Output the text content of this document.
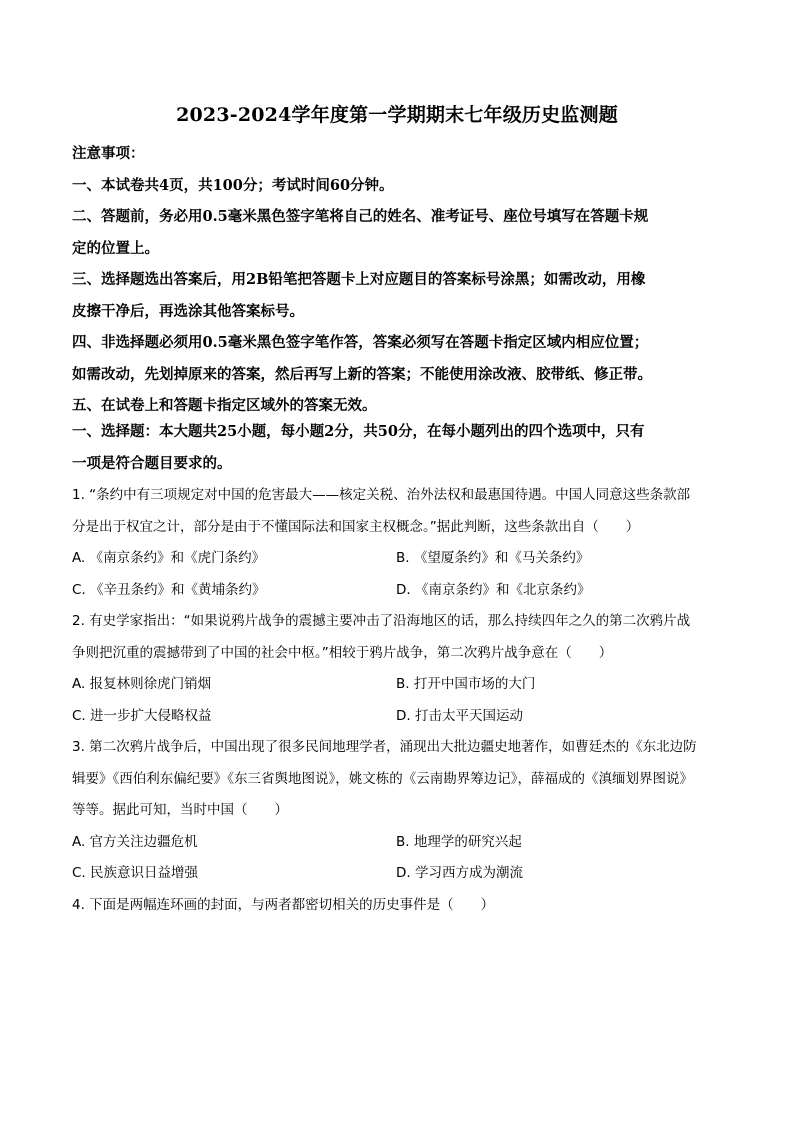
2023-2024学年度第一学期期末七年级历史监测题
注意事项：
一、本试卷共4页，共100分；考试时间60分钟。
二、答题前，务必用0.5毫米黑色签字笔将自己的姓名、准考证号、座位号填写在答题卡规
定的位置上。
三、选择题选出答案后，用2B铅笔把答题卡上对应题目的答案标号涂黑；如需改动，用橡
皮擦干净后，再选涂其他答案标号。
四、非选择题必须用0.5毫米黑色签字笔作答，答案必须写在答题卡指定区域内相应位置；
如需改动，先划掉原来的答案，然后再写上新的答案；不能使用涂改液、胶带纸、修正带。
五、在试卷上和答题卡指定区域外的答案无效。
一、选择题：本大题共25小题，每小题2分，共50分，在每小题列出的四个选项中，只有
一项是符合题目要求的。
1. “条约中有三项规定对中国的危害最大——核定关税、治外法权和最惠国待遇。中国人同意这些条款部
分是出于权宜之计，部分是由于不懂国际法和国家主权概念。”据此判断，这些条款出自（　　）
A. 《南京条约》和《虎门条约》	B. 《望厦条约》和《马关条约》
C. 《辛丑条约》和《黄埔条约》	D. 《南京条约》和《北京条约》
2. 有史学家指出：“如果说鸦片战争的震撼主要冲击了沿海地区的话，那么持续四年之久的第二次鸦片战
争则把沉重的震撼带到了中国的社会中枢。”相较于鸦片战争，第二次鸦片战争意在（　　）
A. 报复林则徐虎门销烟	B. 打开中国市场的大门
C. 进一步扩大侵略权益	D. 打击太平天国运动
3. 第二次鸦片战争后，中国出现了很多民间地理学者，涌现出大批边疆史地著作，如曹廷杰的《东北边防
辑要》《西伯利东偏纪要》《东三省舆地图说》，姚文栋的《云南勘界筹边记》，薛福成的《滇缅划界图说》
等等。据此可知，当时中国（　　）
A. 官方关注边疆危机	B. 地理学的研究兴起
C. 民族意识日益增强	D. 学习西方成为潮流
4. 下面是两幅连环画的封面，与两者都密切相关的历史事件是（　　）
